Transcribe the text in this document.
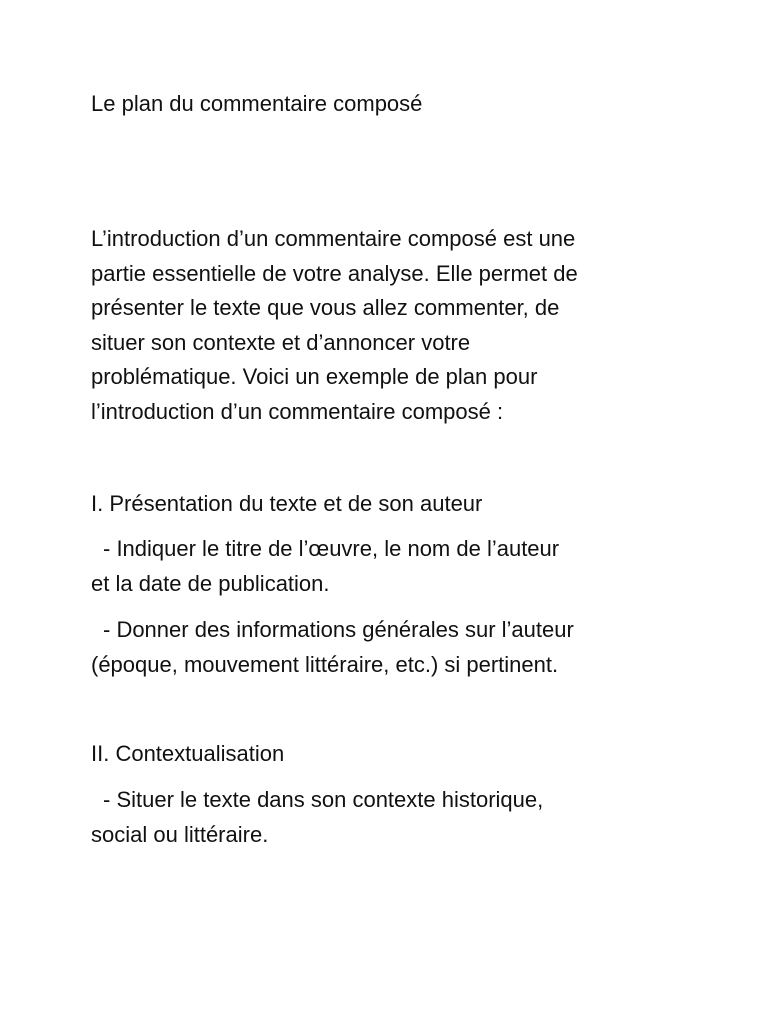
Le plan du commentaire composé

L’introduction d’un commentaire composé est une
partie essentielle de votre analyse. Elle permet de
présenter le texte que vous allez commenter, de
situer son contexte et d’annoncer votre
problématique. Voici un exemple de plan pour
l’introduction d’un commentaire composé :

I. Présentation du texte et de son auteur

- Indiquer le titre de l’œuvre, le nom de l’auteur
et la date de publication.
- Donner des informations générales sur l’auteur
(époque, mouvement littéraire, etc.) si pertinent.

II. Contextualisation

- Situer le texte dans son contexte historique,
social ou littéraire.
